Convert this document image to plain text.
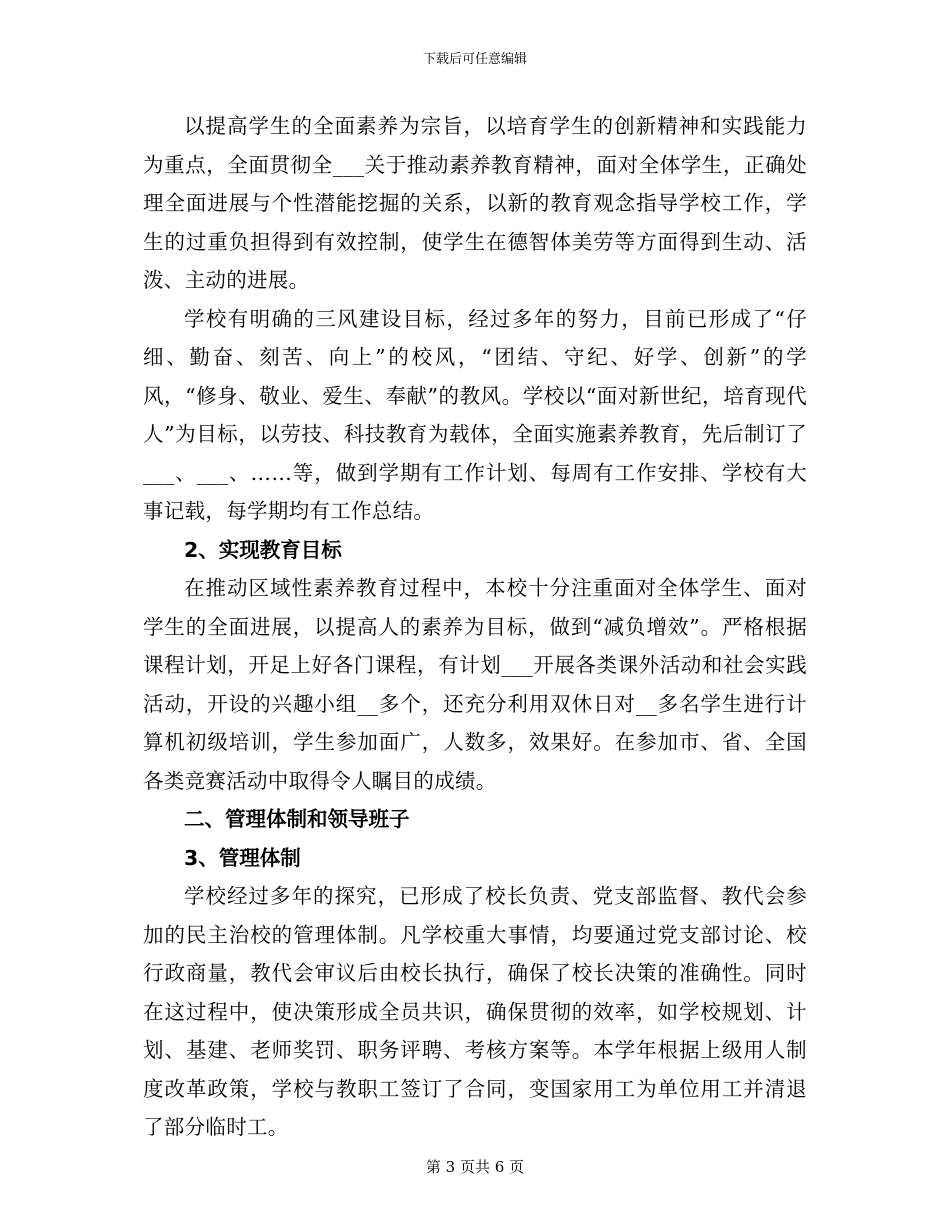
下载后可任意编辑

以提高学生的全面素养为宗旨，以培育学生的创新精神和实践能力为重点，全面贯彻全___关于推动素养教育精神，面对全体学生，正确处理全面进展与个性潜能挖掘的关系，以新的教育观念指导学校工作，学生的过重负担得到有效控制，使学生在德智体美劳等方面得到生动、活泼、主动的进展。

学校有明确的三风建设目标，经过多年的努力，目前已形成了“仔细、勤奋、刻苦、向上”的校风，“团结、守纪、好学、创新”的学风，“修身、敬业、爱生、奉献”的教风。学校以“面对新世纪，培育现代人”为目标，以劳技、科技教育为载体，全面实施素养教育，先后制订了___、___、……等，做到学期有工作计划、每周有工作安排、学校有大事记载，每学期均有工作总结。

2、实现教育目标

在推动区域性素养教育过程中，本校十分注重面对全体学生、面对学生的全面进展，以提高人的素养为目标，做到“减负增效”。严格根据课程计划，开足上好各门课程，有计划___开展各类课外活动和社会实践活动，开设的兴趣小组__多个，还充分利用双休日对__多名学生进行计算机初级培训，学生参加面广，人数多，效果好。在参加市、省、全国各类竞赛活动中取得令人瞩目的成绩。

二、管理体制和领导班子

3、管理体制

学校经过多年的探究，已形成了校长负责、党支部监督、教代会参加的民主治校的管理体制。凡学校重大事情，均要通过党支部讨论、校行政商量，教代会审议后由校长执行，确保了校长决策的准确性。同时在这过程中，使决策形成全员共识，确保贯彻的效率，如学校规划、计划、基建、老师奖罚、职务评聘、考核方案等。本学年根据上级用人制度改革政策，学校与教职工签订了合同，变国家用工为单位用工并清退了部分临时工。

第 3 页共 6 页
